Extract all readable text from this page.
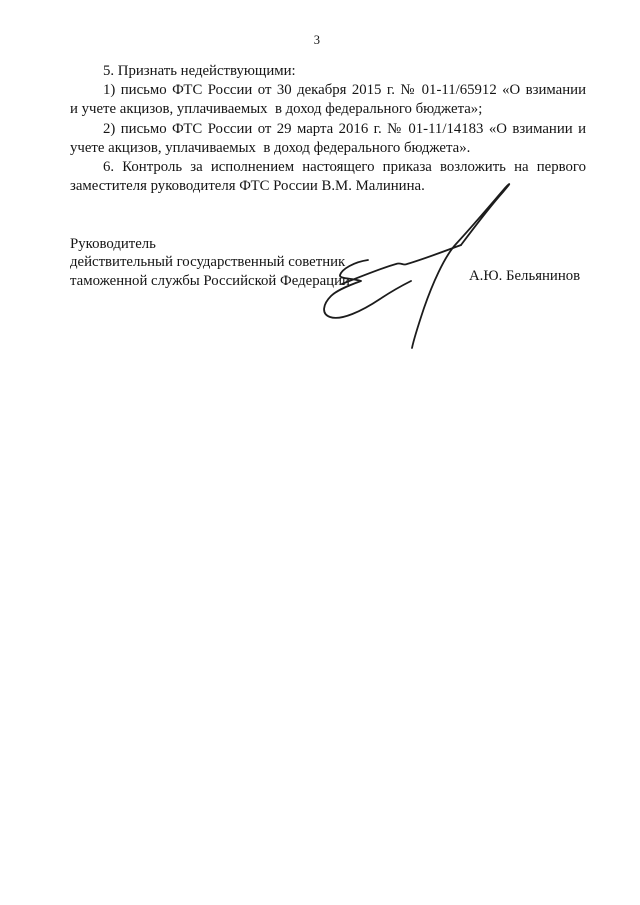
3
5. Признать недействующими:
1) письмо ФТС России от 30 декабря 2015 г. № 01-11/65912 «О взимании
и учете акцизов, уплачиваемых  в доход федерального бюджета»;
2) письмо ФТС России от 29 марта 2016 г. № 01-11/14183 «О взимании и
учете акцизов, уплачиваемых  в доход федерального бюджета».
6. Контроль за исполнением настоящего приказа возложить на первого
заместителя руководителя ФТС России В.М. Малинина.
Руководитель
действительный государственный советник
таможенной службы Российской Федерации	А.Ю. Бельянинов
